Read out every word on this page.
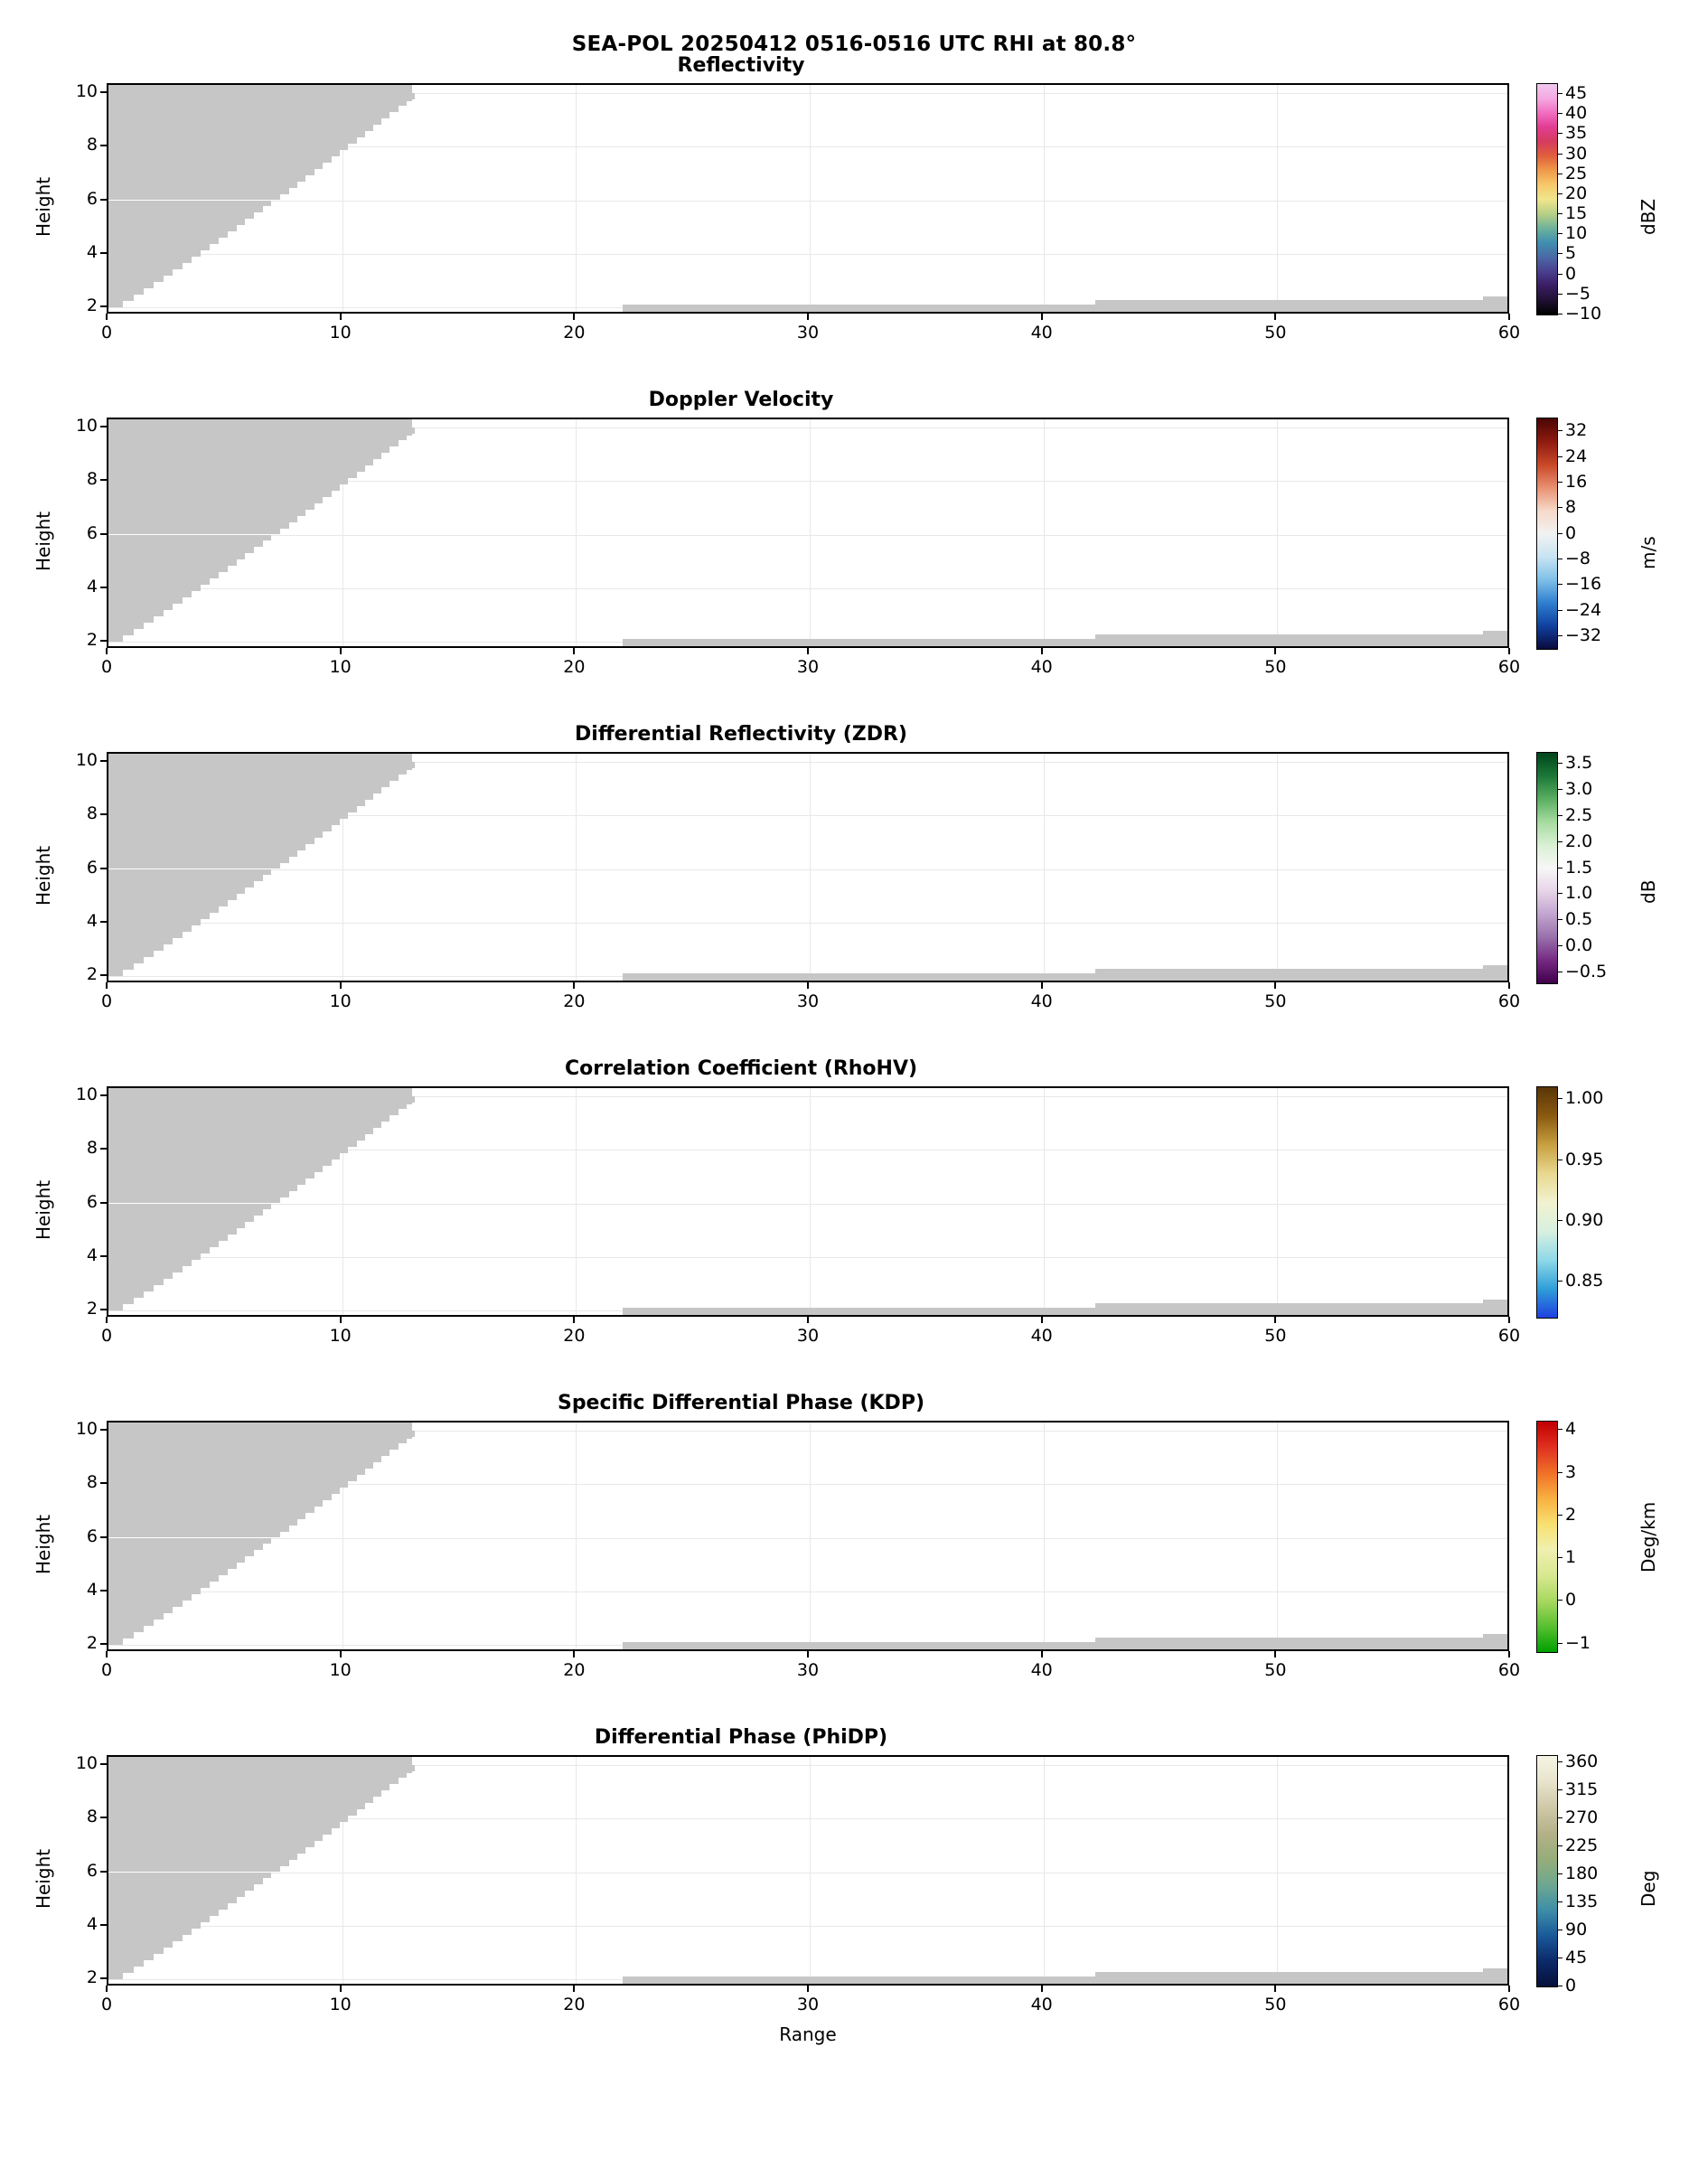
SEA-POL 20250412 0516-0516 UTC RHI at 80.8°
Reflectivity
2
4
6
8
10
0	10	20	30	40	50	60
Height
45
40
35
30
25
20
15
10
5
0
−5
−10
dBZ
Doppler Velocity
2
4
6
8
10
0	10	20	30	40	50	60
Height
32
24
16
8
0
−8
−16
−24
−32
m/s
Differential Reflectivity (ZDR)
2
4
6
8
10
0	10	20	30	40	50	60
Height
3.5
3.0
2.5
2.0
1.5
1.0
0.5
0.0
−0.5
dB
Correlation Coefficient (RhoHV)
2
4
6
8
10
0	10	20	30	40	50	60
Height
1.00
0.95
0.90
0.85
Specific Differential Phase (KDP)
2
4
6
8
10
0	10	20	30	40	50	60
Height
4
3
2
1
0
−1
Deg/km
Differential Phase (PhiDP)
2
4
6
8
10
0	10	20	30	40	50	60
Height
360
315
270
225
180
135
90
45
0
Deg
Range
